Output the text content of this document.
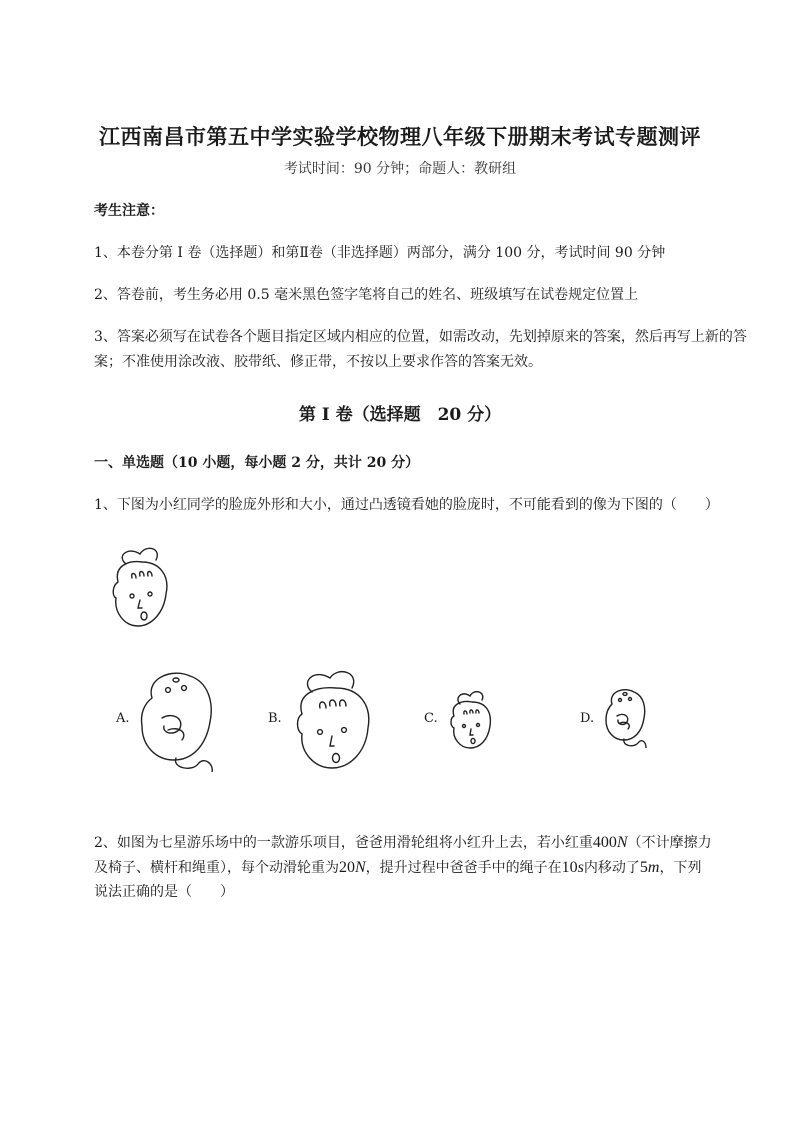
江西南昌市第五中学实验学校物理八年级下册期末考试专题测评
考试时间：90 分钟；命题人：教研组
考生注意：
1、本卷分第 I 卷（选择题）和第Ⅱ卷（非选择题）两部分，满分 100 分，考试时间 90 分钟
2、答卷前，考生务必用 0.5 毫米黑色签字笔将自己的姓名、班级填写在试卷规定位置上
3、答案必须写在试卷各个题目指定区域内相应的位置，如需改动，先划掉原来的答案，然后再写上新的答案；不准使用涂改液、胶带纸、修正带，不按以上要求作答的答案无效。
第 I 卷（选择题　20 分）
一、单选题（10 小题，每小题 2 分，共计 20 分）
1、下图为小红同学的脸庞外形和大小，通过凸透镜看她的脸庞时，不可能看到的像为下图的（　　）
A.	B.	C.	D.
2、如图为七星游乐场中的一款游乐项目，爸爸用滑轮组将小红升上去，若小红重400N（不计摩擦力
及椅子、横杆和绳重），每个动滑轮重为20N，提升过程中爸爸手中的绳子在10s内移动了5m，下列
说法正确的是（　　）
